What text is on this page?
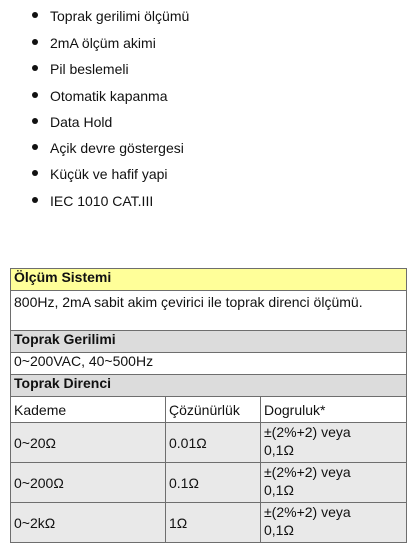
Toprak gerilimi ölçümü
2mA ölçüm akimi
Pil beslemeli
Otomatik kapanma
Data Hold
Açik devre göstergesi
Küçük ve hafif yapi
IEC 1010 CAT.III
Ölçüm Sistemi		
800Hz, 2mA sabit akim çevirici ile toprak direnci ölçümü.		
Toprak Gerilimi		
0~200VAC, 40~500Hz		
Toprak Direnci		
Kademe	Çözünürlük	Dogruluk*
0~20Ω	0.01Ω	±(2%+2) veya
0,1Ω

0~200Ω	0.1Ω	±(2%+2) veya
0,1Ω

0~2kΩ	1Ω	±(2%+2) veya
0,1Ω
